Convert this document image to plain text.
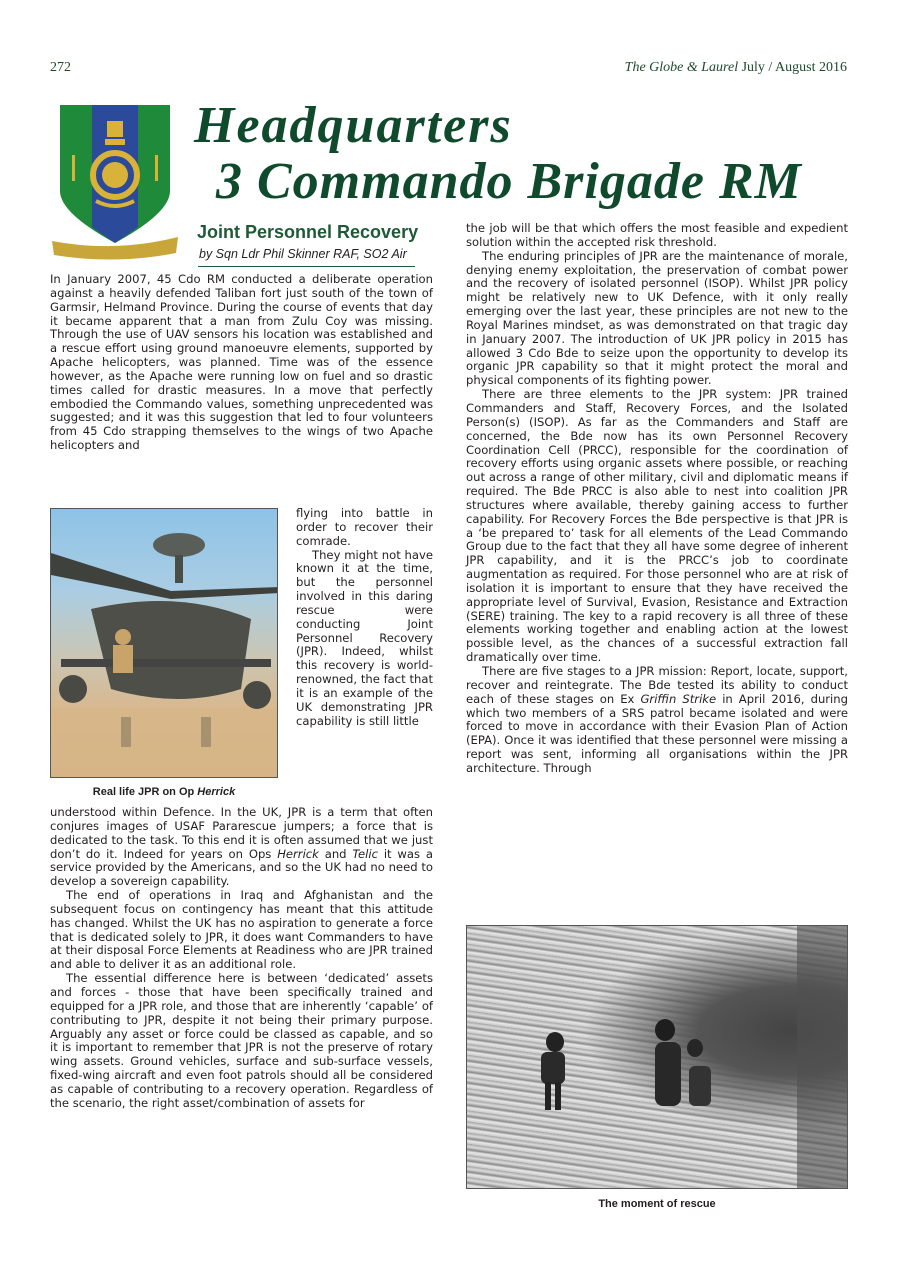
272	The Globe & Laurel July / August 2016
Headquarters
3 Commando Brigade RM
Joint Personnel Recovery
by Sqn Ldr Phil Skinner RAF, SO2 Air

In January 2007, 45 Cdo RM conducted a deliberate operation against a heavily defended Taliban fort just south of the town of Garmsir, Helmand Province. During the course of events that day it became apparent that a man from Zulu Coy was missing. Through the use of UAV sensors his location was established and a rescue effort using ground manoeuvre elements, supported by Apache helicopters, was planned. Time was of the essence however, as the Apache were running low on fuel and so drastic times called for drastic measures. In a move that perfectly embodied the Commando values, something unprecedented was suggested; and it was this suggestion that led to four volunteers from 45 Cdo strapping themselves to the wings of two Apache helicopters and

Real life JPR on Op Herrick

flying into battle in order to recover their comrade.

They might not have known it at the time, but the personnel involved in this daring rescue were conducting Joint Personnel Recovery (JPR). Indeed, whilst this recovery is world-renowned, the fact that it is an example of the UK demonstrating JPR capability is still little

understood within Defence. In the UK, JPR is a term that often conjures images of USAF Pararescue jumpers; a force that is dedicated to the task. To this end it is often assumed that we just don’t do it. Indeed for years on Ops Herrick and Telic it was a service provided by the Americans, and so the UK had no need to develop a sovereign capability.

The end of operations in Iraq and Afghanistan and the subsequent focus on contingency has meant that this attitude has changed. Whilst the UK has no aspiration to generate a force that is dedicated solely to JPR, it does want Commanders to have at their disposal Force Elements at Readiness who are JPR trained and able to deliver it as an additional role.

The essential difference here is between ‘dedicated’ assets and forces - those that have been specifically trained and equipped for a JPR role, and those that are inherently ‘capable’ of contributing to JPR, despite it not being their primary purpose. Arguably any asset or force could be classed as capable, and so it is important to remember that JPR is not the preserve of rotary wing assets. Ground vehicles, surface and sub-surface vessels, fixed-wing aircraft and even foot patrols should all be considered as capable of contributing to a recovery operation. Regardless of the scenario, the right asset/combination of assets for

the job will be that which offers the most feasible and expedient solution within the accepted risk threshold.

The enduring principles of JPR are the maintenance of morale, denying enemy exploitation, the preservation of combat power and the recovery of isolated personnel (ISOP). Whilst JPR policy might be relatively new to UK Defence, with it only really emerging over the last year, these principles are not new to the Royal Marines mindset, as was demonstrated on that tragic day in January 2007. The introduction of UK JPR policy in 2015 has allowed 3 Cdo Bde to seize upon the opportunity to develop its organic JPR capability so that it might protect the moral and physical components of its fighting power.

There are three elements to the JPR system: JPR trained Commanders and Staff, Recovery Forces, and the Isolated Person(s) (ISOP). As far as the Commanders and Staff are concerned, the Bde now has its own Personnel Recovery Coordination Cell (PRCC), responsible for the coordination of recovery efforts using organic assets where possible, or reaching out across a range of other military, civil and diplomatic means if required. The Bde PRCC is also able to nest into coalition JPR structures where available, thereby gaining access to further capability. For Recovery Forces the Bde perspective is that JPR is a ‘be prepared to’ task for all elements of the Lead Commando Group due to the fact that they all have some degree of inherent JPR capability, and it is the PRCC’s job to coordinate augmentation as required. For those personnel who are at risk of isolation it is important to ensure that they have received the appropriate level of Survival, Evasion, Resistance and Extraction (SERE) training. The key to a rapid recovery is all three of these elements working together and enabling action at the lowest possible level, as the chances of a successful extraction fall dramatically over time.

There are five stages to a JPR mission: Report, locate, support, recover and reintegrate. The Bde tested its ability to conduct each of these stages on Ex Griffin Strike in April 2016, during which two members of a SRS patrol became isolated and were forced to move in accordance with their Evasion Plan of Action (EPA). Once it was identified that these personnel were missing a report was sent, informing all organisations within the JPR architecture. Through

The moment of rescue
